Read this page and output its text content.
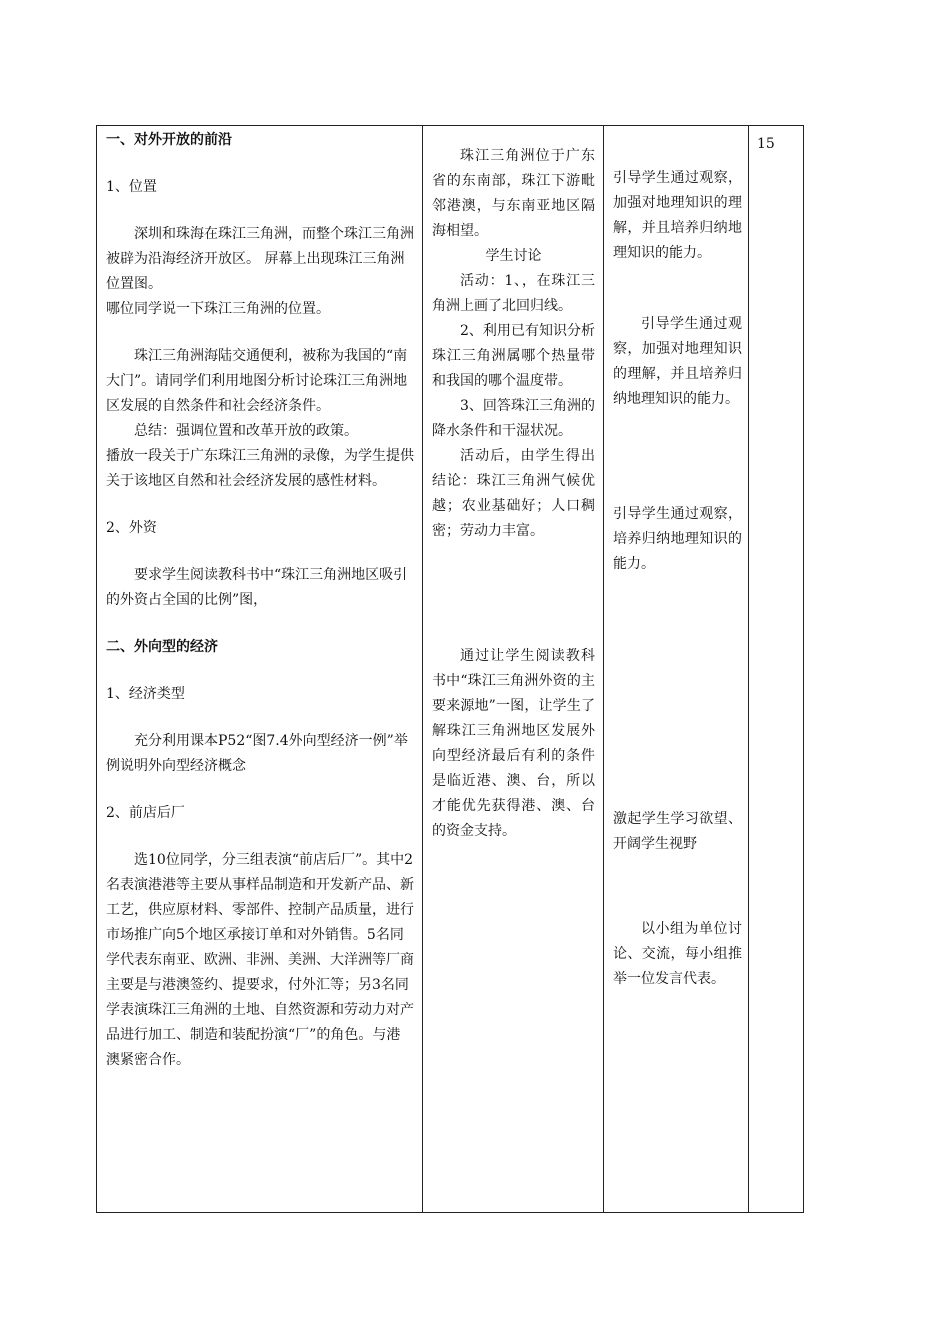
一、对外开放的前沿

1、位置

深圳和珠海在珠江三角洲，而整个珠江三角洲被辟为沿海经济开放区。 屏幕上出现珠江三角洲位置图。

哪位同学说一下珠江三角洲的位置。

珠江三角洲海陆交通便利，被称为我国的“南大门”。请同学们利用地图分析讨论珠江三角洲地区发展的自然条件和社会经济条件。

总结：强调位置和改革开放的政策。

播放一段关于广东珠江三角洲的录像，为学生提供关于该地区自然和社会经济发展的感性材料。

2、外资

要求学生阅读教科书中“珠江三角洲地区吸引的外资占全国的比例”图，

二、外向型的经济

1、经济类型

充分利用课本P52“图7.4外向型经济一例”举例说明外向型经济概念

2、前店后厂

选10位同学，分三组表演“前店后厂”。其中2名表演港港等主要从事样品制造和开发新产品、新工艺，供应原材料、零部件、控制产品质量，进行市场推广向5个地区承接订单和对外销售。5名同学代表东南亚、欧洲、非洲、美洲、大洋洲等厂商主要是与港澳签约、提要求，付外汇等；另3名同学表演珠江三角洲的土地、自然资源和劳动力对产品进行加工、制造和装配扮演“厂”的角色。与港澳紧密合作。

珠江三角洲位于广东省的东南部，珠江下游毗邻港澳，与东南亚地区隔海相望。

学生讨论

活动：1、，在珠江三角洲上画了北回归线。

2、利用已有知识分析珠江三角洲属哪个热量带和我国的哪个温度带。

3、回答珠江三角洲的降水条件和干湿状况。

活动后，由学生得出结论：珠江三角洲气候优越；农业基础好；人口稠密；劳动力丰富。

通过让学生阅读教科书中“珠江三角洲外资的主要来源地”一图，让学生了解珠江三角洲地区发展外向型经济最后有利的条件是临近港、澳、台，所以才能优先获得港、澳、台的资金支持。

引导学生通过观察，加强对地理知识的理解，并且培养归纳地理知识的能力。

引导学生通过观察，加强对地理知识的理解，并且培养归纳地理知识的能力。

引导学生通过观察，培养归纳地理知识的能力。

激起学生学习欲望、开阔学生视野

以小组为单位讨论、交流，每小组推举一位发言代表。

15
